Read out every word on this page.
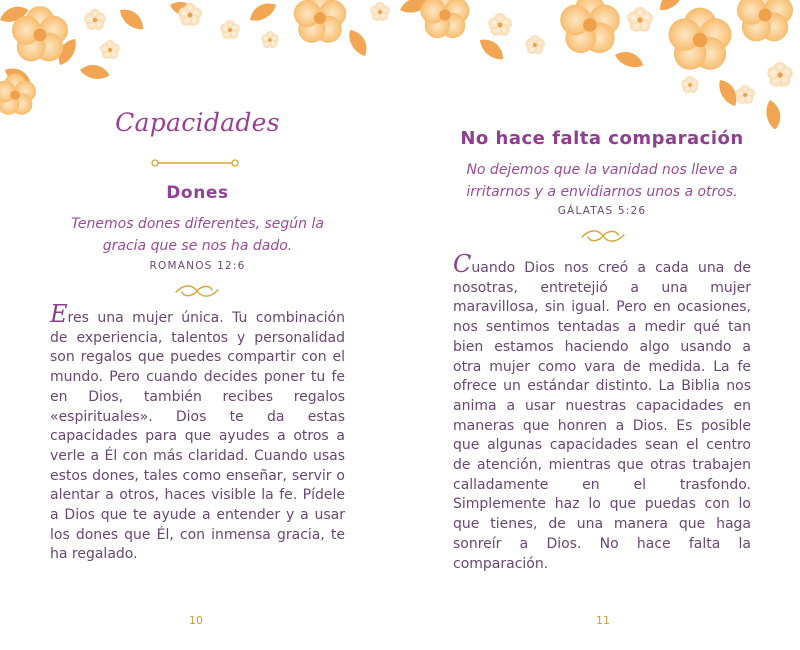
Capacidades
Dones
Tenemos dones diferentes, según la gracia que se nos ha dado.
ROMANOS 12:6
Eres una mujer única. Tu combinación de experiencia, talentos y personalidad son regalos que puedes compartir con el mundo. Pero cuando decides poner tu fe en Dios, también recibes regalos «espirituales». Dios te da estas capacidades para que ayudes a otros a verle a Él con más claridad. Cuando usas estos dones, tales como enseñar, servir o alentar a otros, haces visible la fe. Pídele a Dios que te ayude a entender y a usar los dones que Él, con inmensa gracia, te ha regalado.
10
No hace falta comparación
No dejemos que la vanidad nos lleve a irritarnos y a envidiarnos unos a otros.
GÁLATAS 5:26
Cuando Dios nos creó a cada una de nosotras, entretejió a una mujer maravillosa, sin igual. Pero en ocasiones, nos sentimos tentadas a medir qué tan bien estamos haciendo algo usando a otra mujer como vara de medida. La fe ofrece un estándar distinto. La Biblia nos anima a usar nuestras capacidades en maneras que honren a Dios. Es posible que algunas capacidades sean el centro de atención, mientras que otras trabajen calladamente en el trasfondo. Simplemente haz lo que puedas con lo que tienes, de una manera que haga sonreír a Dios. No hace falta la comparación.
11
